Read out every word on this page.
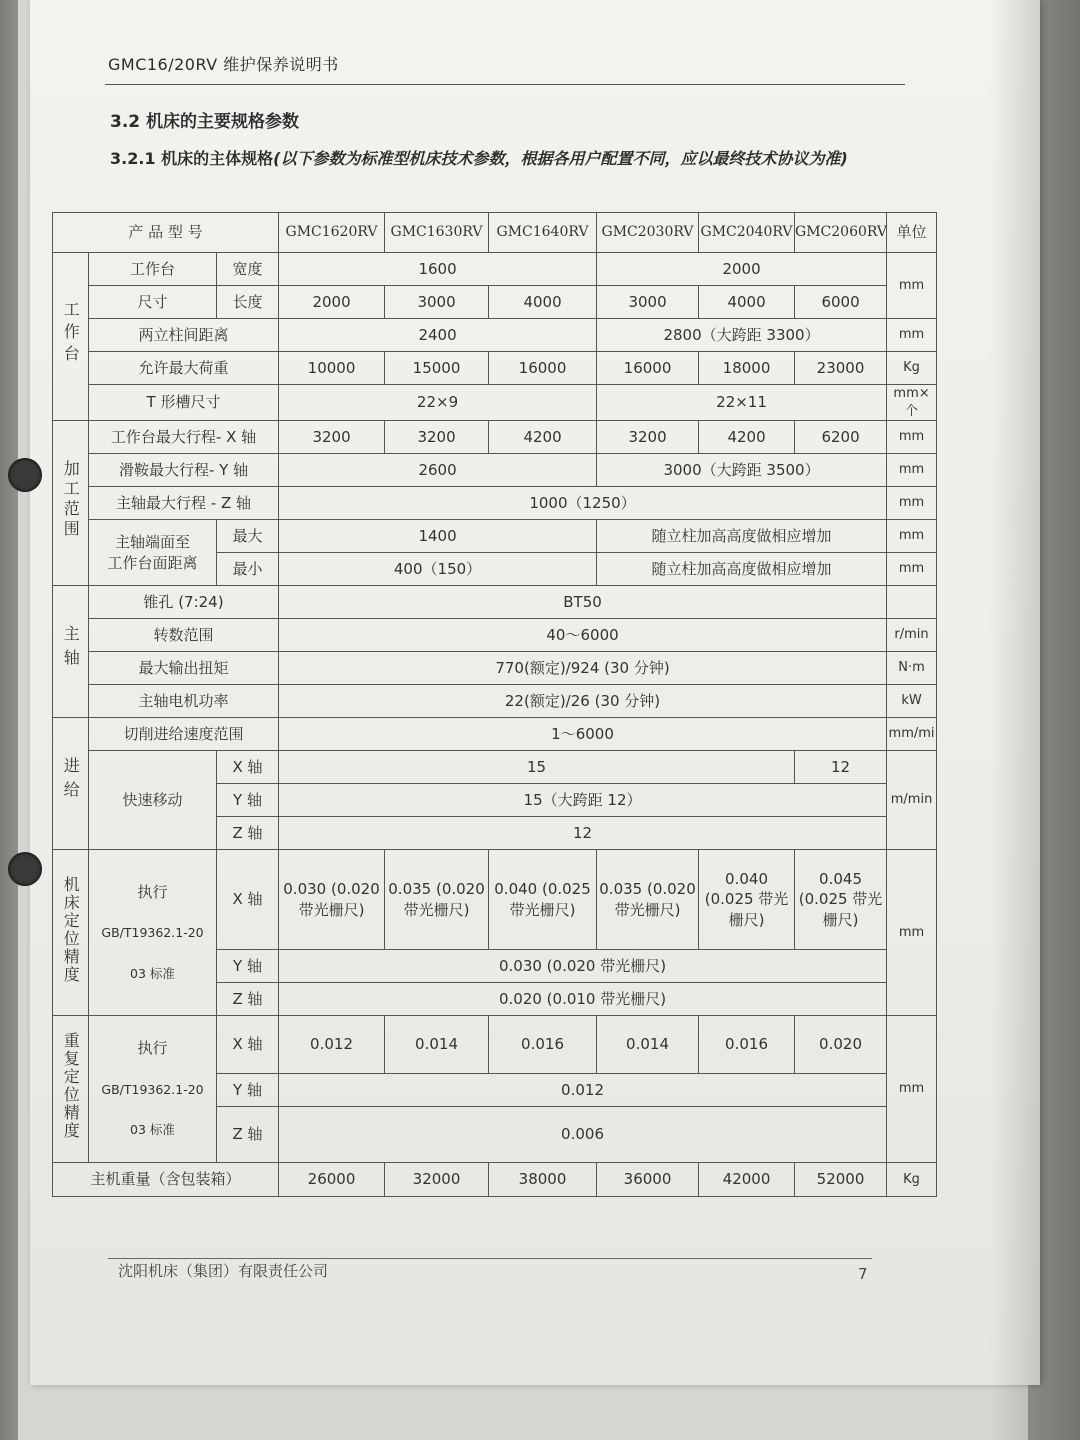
GMC16/20RV 维护保养说明书
3.2 机床的主要规格参数
3.2.1 机床的主体规格(以下参数为标准型机床技术参数，根据各用户配置不同，应以最终技术协议为准)
产 品 型 号			GMC1620RV	GMC1630RV	GMC1640RV	GMC2030RV	GMC2040RV	GMC2060RV	单位
工作台	工作台	宽度	1600			2000			mm
	尺寸	长度	2000	3000	4000	3000	4000	6000	
	两立柱间距离		2400			2800（大跨距 3300）			mm
	允许最大荷重		10000	15000	16000	16000	18000	23000	Kg
	T 形槽尺寸		22×9			22×11			mm×个
加工范围	工作台最大行程- X 轴		3200	3200	4200	3200	4200	6200	mm
	滑鞍最大行程- Y 轴		2600			3000（大跨距 3500）			mm
	主轴最大行程 - Z 轴		1000（1250）						mm
	主轴端面至
工作台面距离	最大	1400			随立柱加高高度做相应增加			mm
		最小	400（150）			随立柱加高高度做相应增加			mm
主轴	锥孔 (7:24)		BT50						
	转数范围		40～6000						r/min
	最大输出扭矩		770(额定)/924 (30 分钟)						N·m
	主轴电机功率		22(额定)/26 (30 分钟)						kW
进给	切削进给速度范围		1～6000						mm/mi
	快速移动	X 轴	15					12	m/min
		Y 轴	15（大跨距 12）						
		Z 轴	12						
机床定位精度	执行

GB/T19362.1-20

03 标准	X 轴	0.030 (0.020 带光栅尺)	0.035 (0.020 带光栅尺)	0.040 (0.025 带光栅尺)	0.035 (0.020 带光栅尺)	0.040 (0.025 带光栅尺)	0.045 (0.025 带光栅尺)	mm
		Y 轴	0.030 (0.020 带光栅尺)						
		Z 轴	0.020 (0.010 带光栅尺)						
重复定位精度	执行

GB/T19362.1-20

03 标准	X 轴	0.012	0.014	0.016	0.014	0.016	0.020	mm
		Y 轴	0.012						
		Z 轴	0.006						
主机重量（含包装箱）			26000	32000	38000	36000	42000	52000	Kg
沈阳机床（集团）有限责任公司	7
